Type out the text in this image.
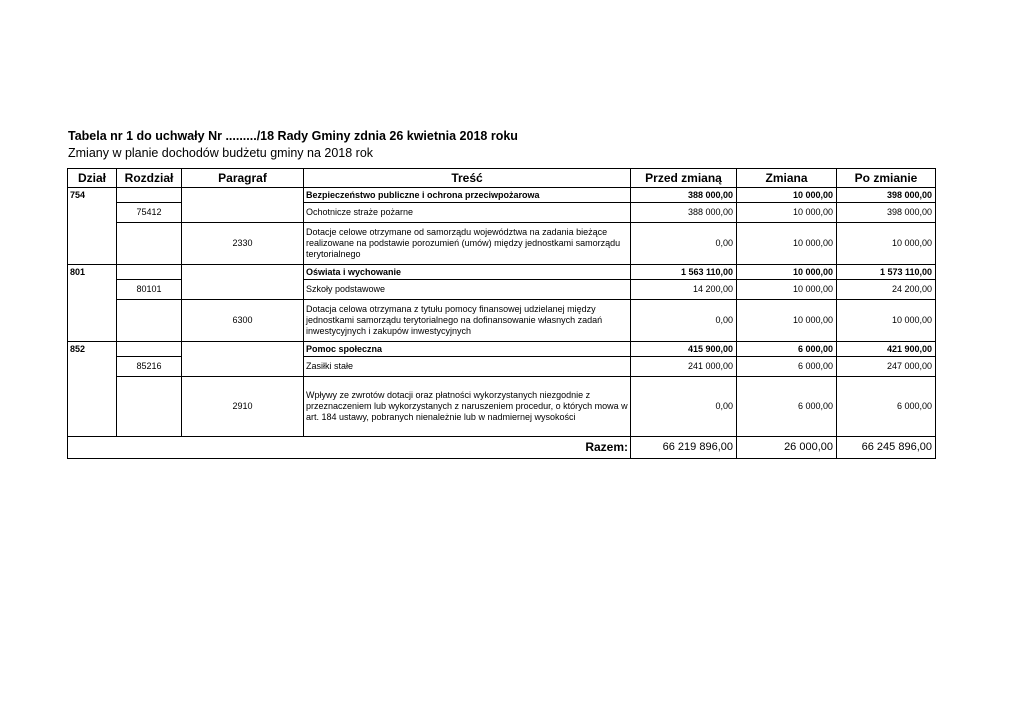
Tabela nr 1 do uchwały Nr ........./18 Rady Gminy zdnia 26 kwietnia 2018 roku
Zmiany w planie dochodów budżetu gminy na 2018 rok
Dział	Rozdział	Paragraf	Treść	Przed zmianą	Zmiana	Po zmianie
754			Bezpieczeństwo publiczne i ochrona przeciwpożarowa	388 000,00	10 000,00	398 000,00
	75412		Ochotnicze straże pożarne	388 000,00	10 000,00	398 000,00
		2330	Dotacje celowe otrzymane od samorządu województwa na zadania bieżące realizowane na podstawie porozumień (umów) między jednostkami samorządu terytorialnego	0,00	10 000,00	10 000,00
801			Oświata i wychowanie	1 563 110,00	10 000,00	1 573 110,00
	80101		Szkoły podstawowe	14 200,00	10 000,00	24 200,00
		6300	Dotacja celowa otrzymana z tytułu pomocy finansowej udzielanej między jednostkami samorządu terytorialnego na dofinansowanie własnych zadań inwestycyjnych i zakupów inwestycyjnych	0,00	10 000,00	10 000,00
852			Pomoc społeczna	415 900,00	6 000,00	421 900,00
	85216		Zasiłki stałe	241 000,00	6 000,00	247 000,00
		2910	Wpływy ze zwrotów dotacji oraz płatności wykorzystanych niezgodnie z przeznaczeniem lub wykorzystanych z naruszeniem procedur, o których mowa w art. 184 ustawy, pobranych nienależnie lub w nadmiernej wysokości	0,00	6 000,00	6 000,00
Razem:				66 219 896,00	26 000,00	66 245 896,00
